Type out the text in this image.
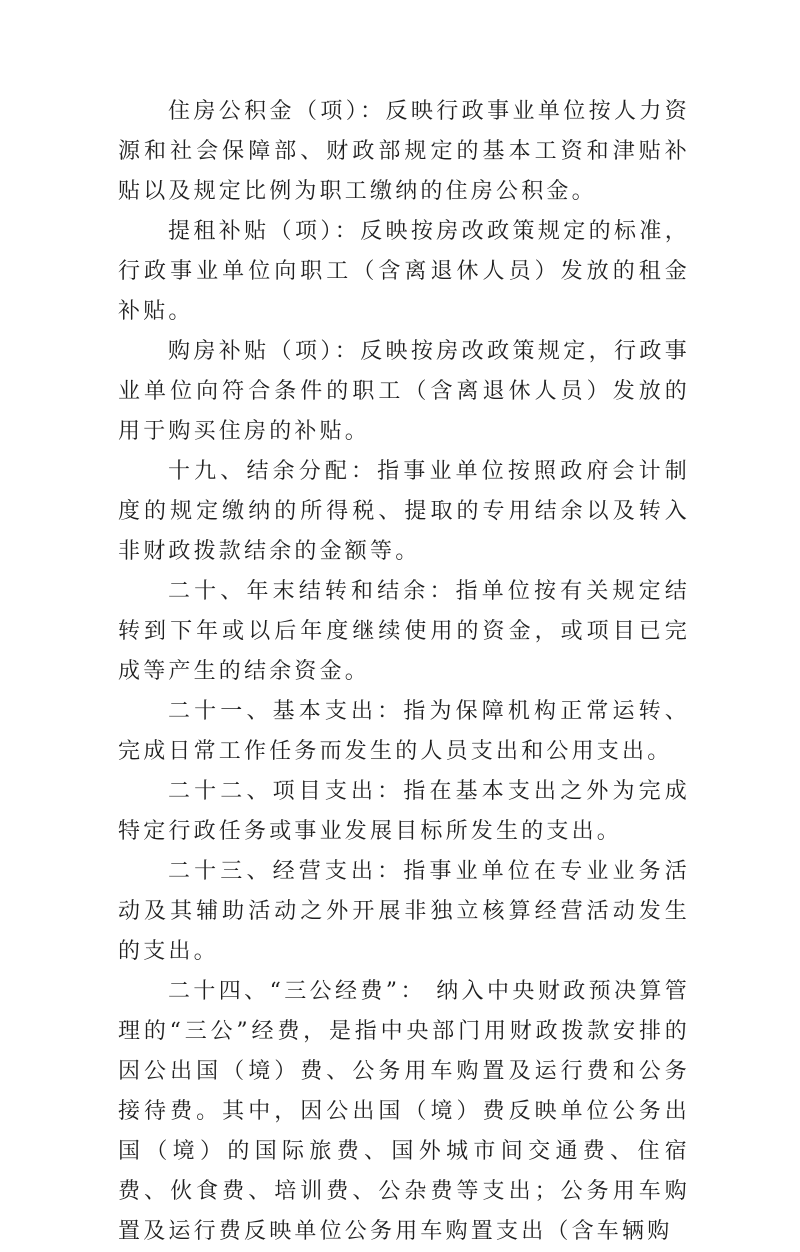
住房公积金（项）：反映行政事业单位按人力资源和社会保障部、财政部规定的基本工资和津贴补贴以及规定比例为职工缴纳的住房公积金。

提租补贴（项）：反映按房改政策规定的标准，行政事业单位向职工（含离退休人员）发放的租金补贴。

购房补贴（项）：反映按房改政策规定，行政事业单位向符合条件的职工（含离退休人员）发放的用于购买住房的补贴。

十九、结余分配：指事业单位按照政府会计制度的规定缴纳的所得税、提取的专用结余以及转入非财政拨款结余的金额等。

二十、年末结转和结余：指单位按有关规定结转到下年或以后年度继续使用的资金，或项目已完成等产生的结余资金。

二十一、基本支出：指为保障机构正常运转、完成日常工作任务而发生的人员支出和公用支出。

二十二、项目支出：指在基本支出之外为完成特定行政任务或事业发展目标所发生的支出。

二十三、经营支出：指事业单位在专业业务活动及其辅助活动之外开展非独立核算经营活动发生的支出。

二十四、“三公经费”： 纳入中央财政预决算管理的“三公”经费，是指中央部门用财政拨款安排的因公出国（境）费、公务用车购置及运行费和公务接待费。其中，因公出国（境）费反映单位公务出国（境）的国际旅费、国外城市间交通费、住宿费、伙食费、培训费、公杂费等支出；公务用车购置及运行费反映单位公务用车购置支出（含车辆购
